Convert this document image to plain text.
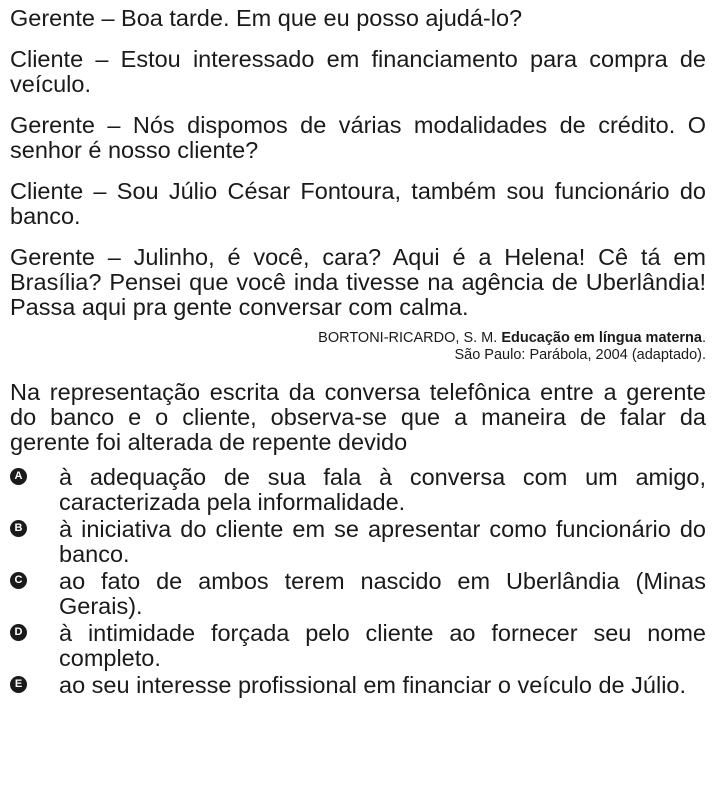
Gerente – Boa tarde. Em que eu posso ajudá-lo?

Cliente – Estou interessado em financiamento para compra de veículo.

Gerente – Nós dispomos de várias modalidades de crédito. O senhor é nosso cliente?

Cliente – Sou Júlio César Fontoura, também sou funcionário do banco.

Gerente – Julinho, é você, cara? Aqui é a Helena! Cê tá em Brasília? Pensei que você inda tivesse na agência de Uberlândia! Passa aqui pra gente conversar com calma.

BORTONI-RICARDO, S. M. Educação em língua materna.
São Paulo: Parábola, 2004 (adaptado).

Na representação escrita da conversa telefônica entre a gerente do banco e o cliente, observa-se que a maneira de falar da gerente foi alterada de repente devido

A à adequação de sua fala à conversa com um amigo, caracterizada pela informalidade.
B à iniciativa do cliente em se apresentar como funcionário do banco.
C ao fato de ambos terem nascido em Uberlândia (Minas Gerais).
D à intimidade forçada pelo cliente ao fornecer seu nome completo.
E ao seu interesse profissional em financiar o veículo de Júlio.
